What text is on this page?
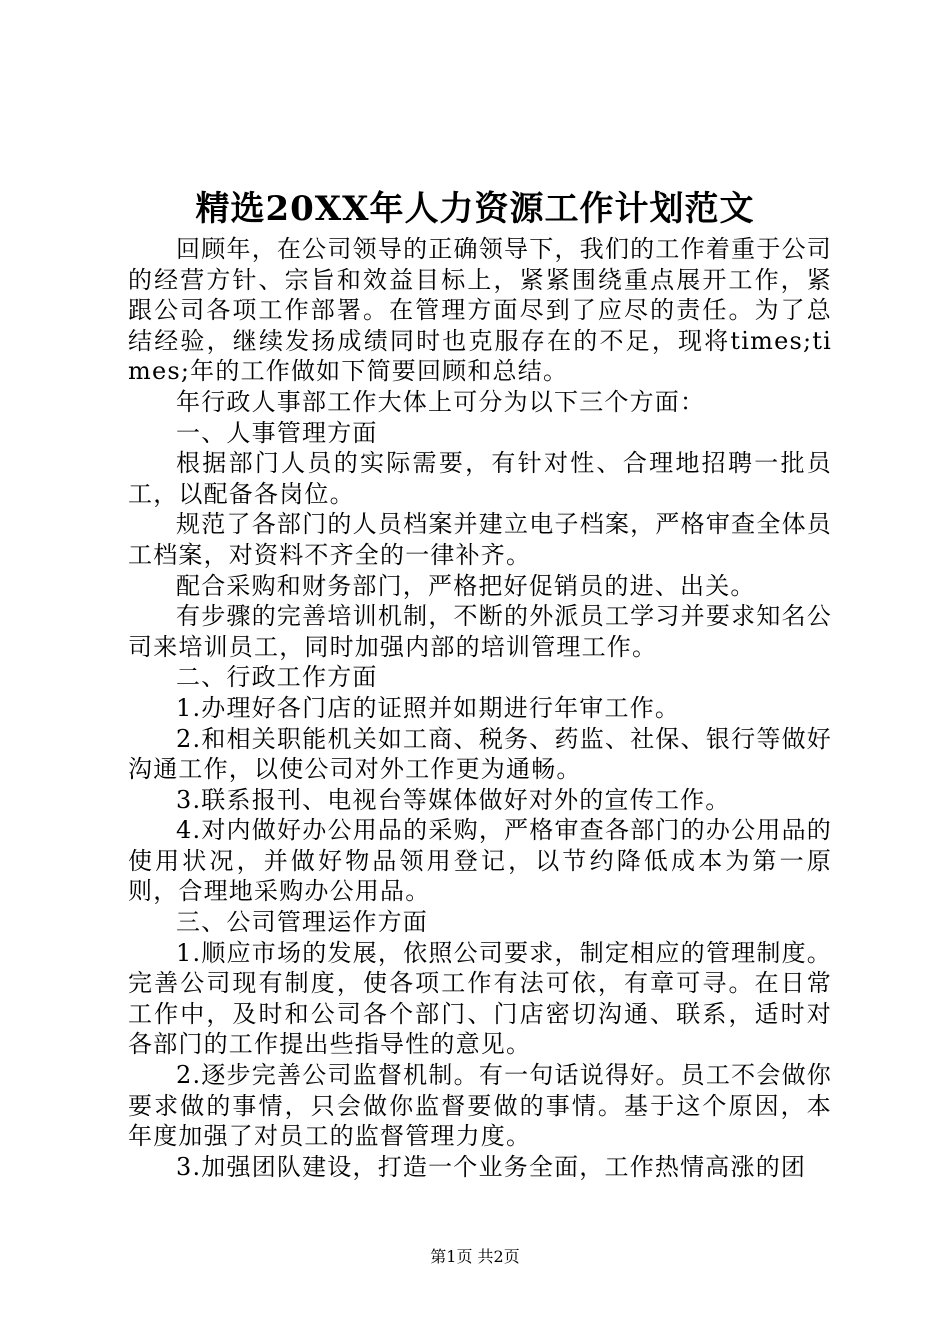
精选20XX年人力资源工作计划范文

回顾年，在公司领导的正确领导下，我们的工作着重于公司的经营方针、宗旨和效益目标上，紧紧围绕重点展开工作，紧跟公司各项工作部署。在管理方面尽到了应尽的责任。为了总结经验，继续发扬成绩同时也克服存在的不足，现将times;times;年的工作做如下简要回顾和总结。

年行政人事部工作大体上可分为以下三个方面：

一、人事管理方面

根据部门人员的实际需要，有针对性、合理地招聘一批员工，以配备各岗位。

规范了各部门的人员档案并建立电子档案，严格审查全体员工档案，对资料不齐全的一律补齐。

配合采购和财务部门，严格把好促销员的进、出关。

有步骤的完善培训机制，不断的外派员工学习并要求知名公司来培训员工，同时加强内部的培训管理工作。

二、行政工作方面

1.办理好各门店的证照并如期进行年审工作。

2.和相关职能机关如工商、税务、药监、社保、银行等做好沟通工作，以使公司对外工作更为通畅。

3.联系报刊、电视台等媒体做好对外的宣传工作。

4.对内做好办公用品的采购，严格审查各部门的办公用品的使用状况，并做好物品领用登记，以节约降低成本为第一原则，合理地采购办公用品。

三、公司管理运作方面

1.顺应市场的发展，依照公司要求，制定相应的管理制度。完善公司现有制度，使各项工作有法可依，有章可寻。在日常工作中，及时和公司各个部门、门店密切沟通、联系，适时对各部门的工作提出些指导性的意见。

2.逐步完善公司监督机制。有一句话说得好。员工不会做你要求做的事情，只会做你监督要做的事情。基于这个原因，本年度加强了对员工的监督管理力度。

3.加强团队建设，打造一个业务全面，工作热情高涨的团

第1页 共2页
